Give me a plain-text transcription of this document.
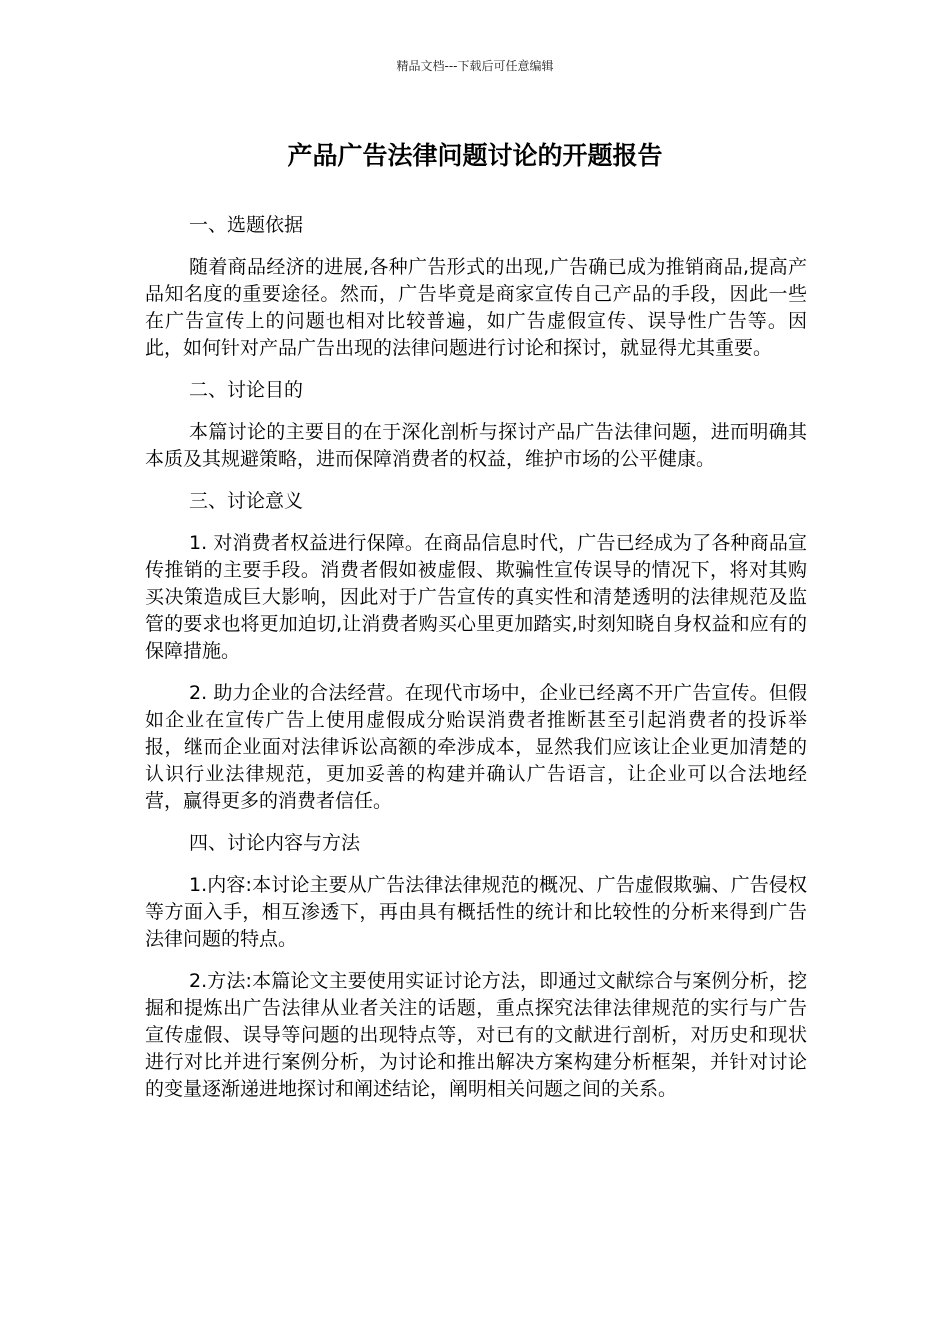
精品文档---下载后可任意编辑
产品广告法律问题讨论的开题报告

一、选题依据

随着商品经济的进展,各种广告形式的出现,广告确已成为推销商品,提高产品知名度的重要途径。然而，广告毕竟是商家宣传自己产品的手段，因此一些在广告宣传上的问题也相对比较普遍，如广告虚假宣传、误导性广告等。因此，如何针对产品广告出现的法律问题进行讨论和探讨，就显得尤其重要。

二、讨论目的

本篇讨论的主要目的在于深化剖析与探讨产品广告法律问题，进而明确其本质及其规避策略，进而保障消费者的权益，维护市场的公平健康。

三、讨论意义

1. 对消费者权益进行保障。在商品信息时代，广告已经成为了各种商品宣传推销的主要手段。消费者假如被虚假、欺骗性宣传误导的情况下，将对其购买决策造成巨大影响，因此对于广告宣传的真实性和清楚透明的法律规范及监管的要求也将更加迫切,让消费者购买心里更加踏实,时刻知晓自身权益和应有的保障措施。

2. 助力企业的合法经营。在现代市场中，企业已经离不开广告宣传。但假如企业在宣传广告上使用虚假成分贻误消费者推断甚至引起消费者的投诉举报，继而企业面对法律诉讼高额的牵涉成本，显然我们应该让企业更加清楚的认识行业法律规范，更加妥善的构建并确认广告语言，让企业可以合法地经营，赢得更多的消费者信任。

四、讨论内容与方法

1.内容:本讨论主要从广告法律法律规范的概况、广告虚假欺骗、广告侵权等方面入手，相互渗透下，再由具有概括性的统计和比较性的分析来得到广告法律问题的特点。

2.方法:本篇论文主要使用实证讨论方法，即通过文献综合与案例分析，挖掘和提炼出广告法律从业者关注的话题，重点探究法律法律规范的实行与广告宣传虚假、误导等问题的出现特点等，对已有的文献进行剖析，对历史和现状进行对比并进行案例分析，为讨论和推出解决方案构建分析框架，并针对讨论的变量逐渐递进地探讨和阐述结论，阐明相关问题之间的关系。
